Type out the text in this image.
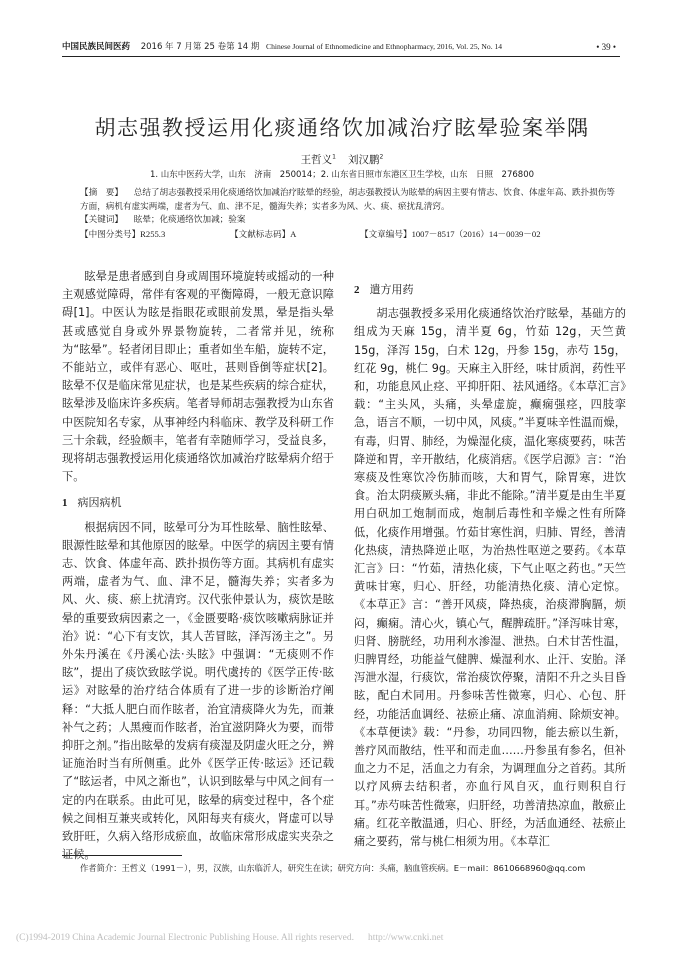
中国民族民间医药 2016 年 7 月第 25 卷第 14 期 Chinese Journal of Ethnomedicine and Ethnopharmacy, 2016, Vol. 25, No. 14	• 39 •
胡志强教授运用化痰通络饮加减治疗眩晕验案举隅
王哲义$^1$ 刘汉鹏$^2$
1. 山东中医药大学，山东　济南　250014；2. 山东省日照市东港区卫生学校，山东　日照　276800

【摘　要】 总结了胡志强教授采用化痰通络饮加减治疗眩晕的经验，胡志强教授认为眩晕的病因主要有情志、饮食、体虚年高、跌扑损伤等方面，病机有虚实两端，虚者为气、血、津不足，髓海失养；实者多为风、火、痰、瘀扰乱清窍。

【关键词】 眩晕；化痰通络饮加减；验案

【中图分类号】R255.3	【文献标志码】A	【文章编号】1007－8517（2016）14－0039－02

眩晕是患者感到自身或周围环境旋转或摇动的一种主观感觉障碍，常伴有客观的平衡障碍，一般无意识障碍[1]。中医认为眩是指眼花或眼前发黑，晕是指头晕甚或感觉自身或外界景物旋转，二者常并见，统称为“眩晕”。轻者闭目即止；重者如坐车船，旋转不定，不能站立，或伴有恶心、呕吐，甚则昏倒等症状[2]。眩晕不仅是临床常见症状，也是某些疾病的综合症状，眩晕涉及临床许多疾病。笔者导师胡志强教授为山东省中医院知名专家，从事神经内科临床、教学及科研工作三十余载，经验颇丰，笔者有幸随师学习，受益良多，现将胡志强教授运用化痰通络饮加减治疗眩晕病介绍于下。

1 病因病机

根据病因不同，眩晕可分为耳性眩晕、脑性眩晕、眼源性眩晕和其他原因的眩晕。中医学的病因主要有情志、饮食、体虚年高、跌扑损伤等方面。其病机有虚实两端，虚者为气、血、津不足，髓海失养；实者多为风、火、痰、瘀上扰清窍。汉代张仲景认为，痰饮是眩晕的重要致病因素之一，《金匮要略·痰饮咳嗽病脉证并治》说：“心下有支饮，其人苦冒眩，泽泻汤主之”。另外朱丹溪在《丹溪心法·头眩》中强调：“无痰则不作眩”，提出了痰饮致眩学说。明代虞抟的《医学正传·眩运》对眩晕的治疗结合体质有了进一步的诊断治疗阐释：“大抵人肥白而作眩者，治宜清痰降火为先，而兼补气之药；人黑瘦而作眩者，治宜滋阴降火为要，而带抑肝之剂。”指出眩晕的发病有痰湿及阴虚火旺之分，辨证施治时当有所侧重。此外《医学正传·眩运》还记载了“眩运者，中风之渐也”，认识到眩晕与中风之间有一定的内在联系。由此可见，眩晕的病变过程中，各个症候之间相互兼夹或转化，风阳每夹有痰火，肾虚可以导致肝旺，久病入络形成瘀血，故临床常形成虚实夹杂之证候。

2 遣方用药

胡志强教授多采用化痰通络饮治疗眩晕，基础方的组成为天麻 15g，清半夏 6g，竹茹 12g，天竺黄 15g，泽泻 15g，白术 12g，丹参 15g，赤芍 15g，红花 9g，桃仁 9g。天麻主入肝经，味甘质润，药性平和，功能息风止痉、平抑肝阳、祛风通络。《本草汇言》载：“主头风，头痛，头晕虚旋，癫痫强痉，四肢挛急，语言不顺，一切中风，风痰。”半夏味辛性温而燥，有毒，归胃、肺经，为燥湿化痰，温化寒痰要药，味苦降逆和胃，辛开散结，化痰消痞。《医学启源》言：“治寒痰及性寒饮冷伤肺而咳，大和胃气，除胃寒，进饮食。治太阴痰厥头痛，非此不能除。”清半夏是由生半夏用白矾加工炮制而成，炮制后毒性和辛燥之性有所降低，化痰作用增强。竹茹甘寒性润，归肺、胃经，善清化热痰，清热降逆止呕，为治热性呕逆之要药。《本草汇言》曰：“竹茹，清热化痰，下气止呕之药也。”天竺黄味甘寒，归心、肝经，功能清热化痰、清心定惊。《本草正》言：“善开风痰，降热痰，治痰滞胸膈，烦闷，癫痫。清心火，镇心气，醒脾疏肝。”泽泻味甘寒，归肾、膀胱经，功用利水渗湿、泄热。白术甘苦性温，归脾胃经，功能益气健脾、燥湿利水、止汗、安胎。泽泻泄水湿，行痰饮，常治痰饮停聚，清阳不升之头目昏眩，配白术同用。丹参味苦性微寒，归心、心包、肝经，功能活血调经、祛瘀止痛、凉血消痈、除烦安神。《本草便读》载：“丹参，功同四物，能去瘀以生新，善疗风而散结，性平和而走血……丹参虽有参名，但补血之力不足，活血之力有余，为调理血分之首药。其所以疗风痹去结积者，亦血行风自灭，血行则积自行耳。”赤芍味苦性微寒，归肝经，功善清热凉血，散瘀止痛。红花辛散温通，归心、肝经，为活血通经、祛瘀止痛之要药，常与桃仁相须为用。《本草汇

作者简介：王哲义（1991－），男，汉族，山东临沂人，研究生在读；研究方向：头痛，脑血管疾病。E－mail：8610668960@qq.com
(C)1994-2019 China Academic Journal Electronic Publishing House. All rights reserved. http://www.cnki.net
